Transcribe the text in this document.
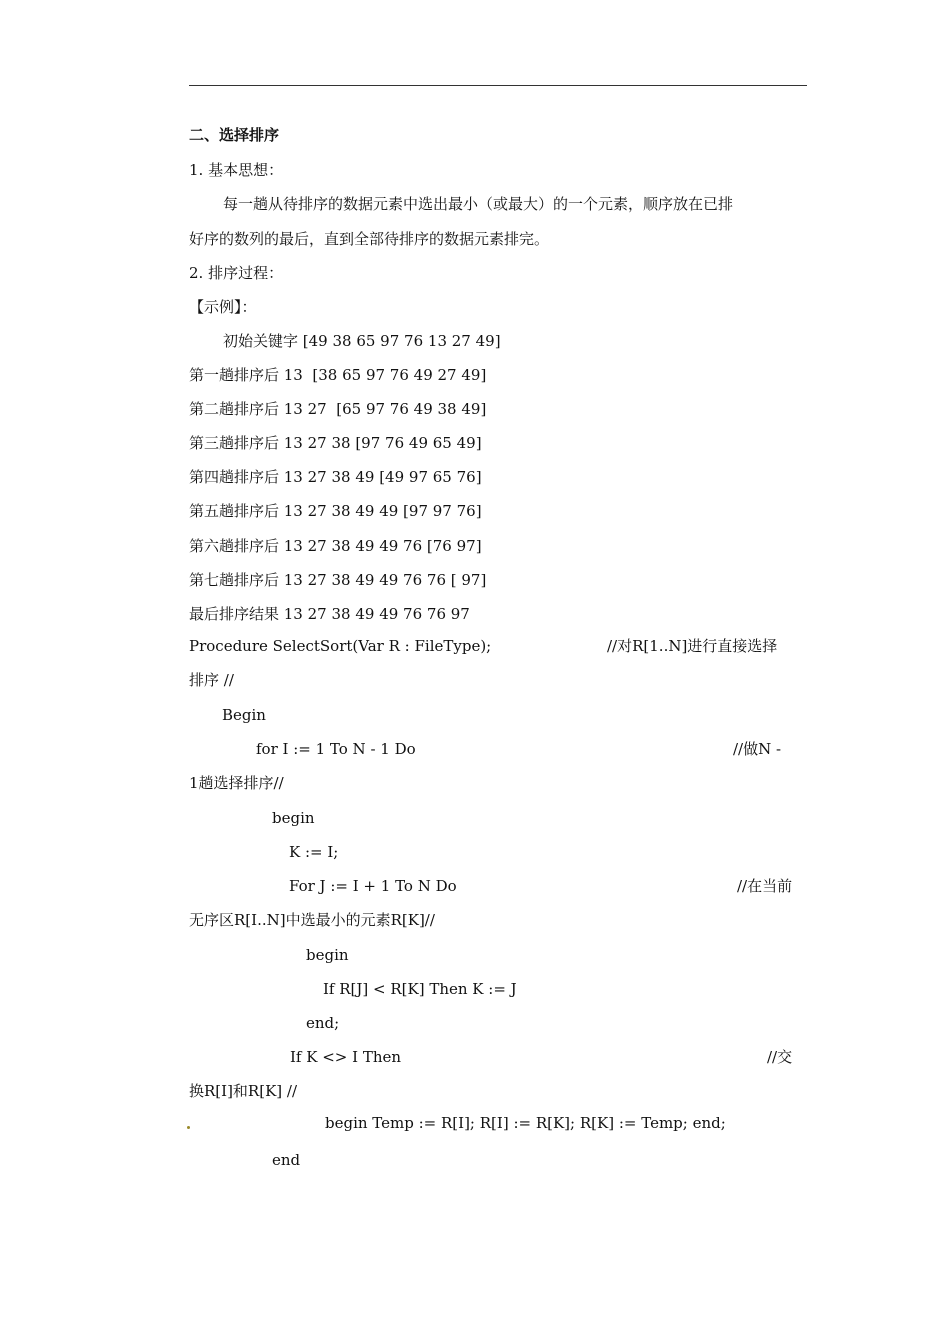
二、选择排序
1. 基本思想：
每一趟从待排序的数据元素中选出最小（或最大）的一个元素，顺序放在已排
好序的数列的最后，直到全部待排序的数据元素排完。
2. 排序过程：
【示例】：
初始关键字 [49 38 65 97 76 13 27 49]
第一趟排序后 13  [38 65 97 76 49 27 49]
第二趟排序后 13 27  [65 97 76 49 38 49]
第三趟排序后 13 27 38 [97 76 49 65 49]
第四趟排序后 13 27 38 49 [49 97 65 76]
第五趟排序后 13 27 38 49 49 [97 97 76]
第六趟排序后 13 27 38 49 49 76 [76 97]
第七趟排序后 13 27 38 49 49 76 76 [ 97]
最后排序结果 13 27 38 49 49 76 76 97
Procedure SelectSort(Var R : FileType);	//对R[1..N]进行直接选择
排序 //
Begin
for I := 1 To N - 1 Do	//做N -
1趟选择排序//
begin
K := I;
For J := I + 1 To N Do	//在当前
无序区R[I..N]中选最小的元素R[K]//
begin
If R[J] < R[K] Then K := J
end;
If K <> I Then	//交
换R[I]和R[K] //
begin Temp := R[I]; R[I] := R[K]; R[K] := Temp; end;
end
